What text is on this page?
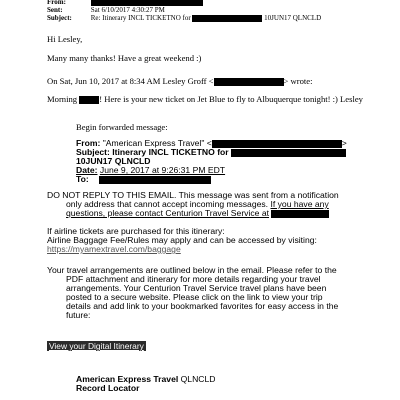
From:
Sent:	Sat 6/10/2017 4:30:27 PM
Subject:	Re: Itinerary INCL TICKETNO for	10JUN17 QLNCLD
Hi Lesley,
Many many thanks! Have a great weekend :)
On Sat, Jun 10, 2017 at 8:34 AM Lesley Groff <	> wrote:
Morning	! Here is your new ticket on Jet Blue to fly to Albuquerque tonight! :) Lesley
Begin forwarded message:
From: "American Express Travel" <	>
Subject: Itinerary INCL TICKETNO for
10JUN17 QLNCLD
Date: June 9, 2017 at 9:26:31 PM EDT
To:
DO NOT REPLY TO THIS EMAIL. This message was sent from a notification
only address that cannot accept incoming messages. If you have any
questions, please contact Centurion Travel Service at
If airline tickets are purchased for this itinerary:
Airline Baggage Fee/Rules may apply and can be accessed by visiting:
https://myamextravel.com/baggage
Your travel arrangements are outlined below in the email. Please refer to the
PDF attachment and itinerary for more details regarding your travel
arrangements. Your Centurion Travel Service travel plans have been
posted to a secure website. Please click on the link to view your trip
details and add link to your bookmarked favorites for easy access in the
future:
View your Digital Itinerary
American Express Travel QLNCLD
Record Locator
